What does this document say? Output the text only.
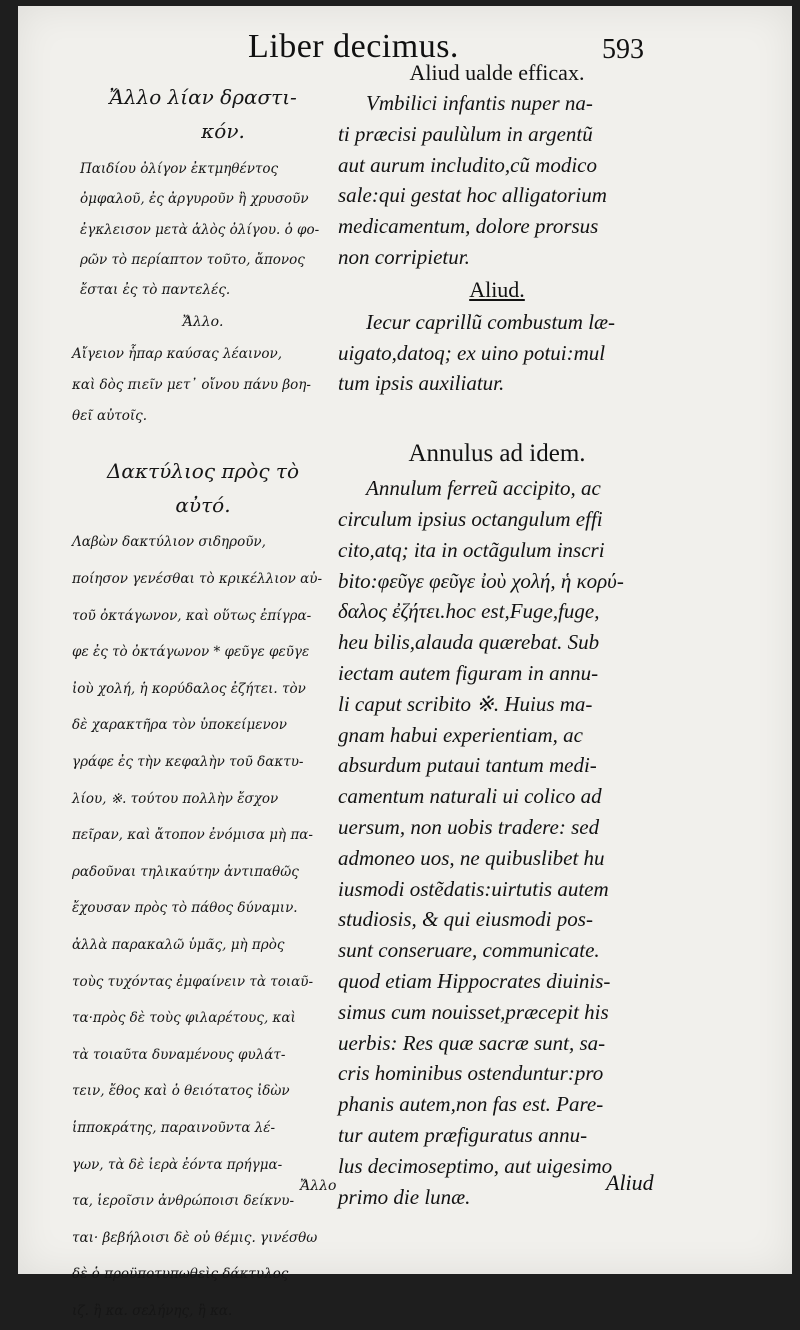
Liber decimus.	593
Ἄλλο λίαν δραστι-
κόν.
Παιδίου ὀλίγον ἐκτμηθέντος
ὀμφαλοῦ, ἐς ἀργυροῦν ἢ χρυσοῦν
ἐγκλεισον μετὰ ἁλὸς ὀλίγου. ὁ φο-
ρῶν τὸ περίαπτον τοῦτο, ἄπονος
ἔσται ἐς τὸ παντελές.
Ἄλλο.
Αἴγειον ἧπαρ καύσας λέαινον,
καὶ δὸς πιεῖν μετ᾽ οἴνου πάνυ βοη-
θεῖ αὐτοῖς.
Δακτύλιος πρὸς τὸ
αὐτό.
Λαβὼν δακτύλιον σιδηροῦν,
ποίησον γενέσθαι τὸ κρικέλλιον αὐ-
τοῦ ὀκτάγωνον, καὶ οὕτως ἐπίγρα-
φε ἐς τὸ ὀκτάγωνον * φεῦγε φεῦγε
ἰοὺ χολή, ἡ κορύδαλος ἐζήτει. τὸν
δὲ χαρακτῆρα τὸν ὑποκείμενον
γράφε ἐς τὴν κεφαλὴν τοῦ δακτυ-
λίου, ※. τούτου πολλὴν ἔσχον
πεῖραν, καὶ ἄτοπον ἐνόμισα μὴ πα-
ραδοῦναι τηλικαύτην ἀντιπαθῶς
ἔχουσαν πρὸς τὸ πάθος δύναμιν.
ἀλλὰ παρακαλῶ ὑμᾶς, μὴ πρὸς
τοὺς τυχόντας ἐμφαίνειν τὰ τοιαῦ-
τα·πρὸς δὲ τοὺς φιλαρέτους, καὶ
τὰ τοιαῦτα δυναμένους φυλάτ-
τειν, ἔθος καὶ ὁ θειότατος ἰδὼν
ἱπποκράτης, παραινοῦντα λέ-
γων, τὰ δὲ ἱερὰ ἐόντα πρήγμα-
τα, ἱεροῖσιν ἀνθρώποισι δείκνυ-
ται· βεβήλοισι δὲ οὐ θέμις. γινέσθω
δὲ ὁ προϋποτυπωθεὶς δάκτυλος
ιζ. ἢ κα. σελήνης, ἢ κα.
Ἄλλο
Aliud ualde efficax.
Vmbilici infantis nuper na-
ti præcisi paulùlum in argentũ
aut aurum includito,cũ modico
sale:qui gestat hoc alligatorium
medicamentum, dolore prorsus
non corripietur.
Aliud.
Iecur caprillũ combustum læ-
uigato,datoq; ex uino potui:mul
tum ipsis auxiliatur.
Annulus ad idem.
Annulum ferreũ accipito, ac
circulum ipsius octangulum effi
cito,atq; ita in octãgulum inscri
bito:φεῦγε φεῦγε ἰοὺ χολή, ἡ κορύ-
δαλος ἐζήτει.hoc est,Fuge,fuge,
heu bilis,alauda quærebat. Sub
iectam autem figuram in annu-
li caput scribito ※. Huius ma-
gnam habui experientiam, ac
absurdum putaui tantum medi-
camentum naturali ui colico ad
uersum, non uobis tradere: sed
admoneo uos, ne quibuslibet hu
iusmodi ostẽdatis:uirtutis autem
studiosis, & qui eiusmodi pos-
sunt conseruare, communicate.
quod etiam Hippocrates diuinis-
simus cum nouisset,præcepit his
uerbis: Res quæ sacræ sunt, sa-
cris hominibus ostenduntur:pro
phanis autem,non fas est. Pare-
tur autem præfiguratus annu-
lus decimoseptimo, aut uigesimo
primo die lunæ.
Aliud
